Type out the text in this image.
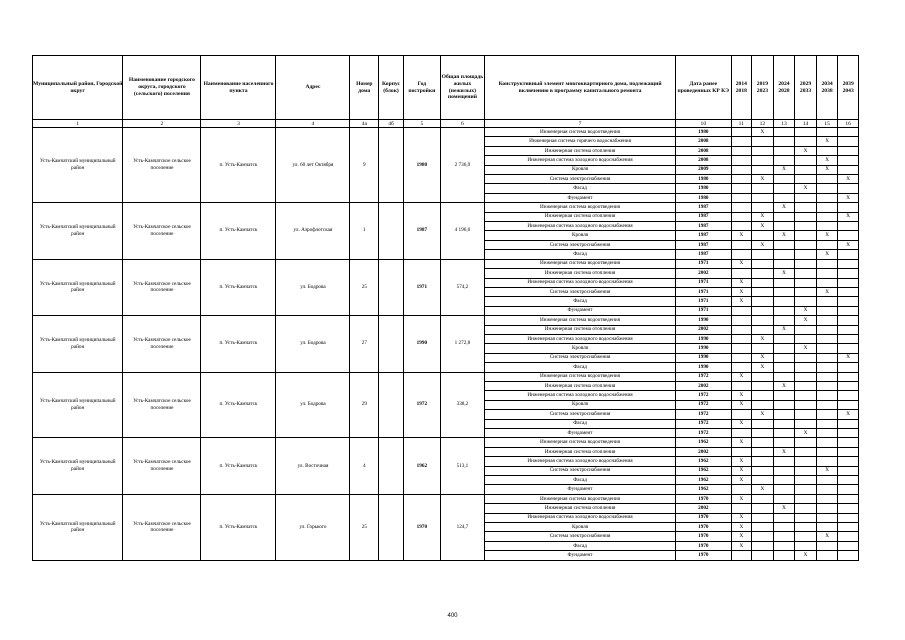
Муниципальный район, Городской округ	Наименование городского округа, городского (сельского) поселения	Наименование населенного пункта	Адрес	Номер дома	Корпус (блок)	Год постройки	Общая площадь жилых (нежилых) помещений	Конструктивный элемент многоквартирного дома, подлежащий включению в программу капитального ремонта	Дата ранее проведенных КР КЭ	2014 2018	2019 2023	2024 2028	2029 2033	2034 2038	2039 2043
1	2	3	4	4а	4б	5	6	7	10	11	12	13	14	15	16
Усть-Камчатский муниципальный район	Усть-Камчатское сельское поселение	п. Усть-Камчатск	ул. 60 лет Октября	9		1980	2 736,9	Инженерная система водоотведения	1980		X				
								Инженерная система горячего водоснабжения	2008					X	
								Инженерная система отопления	2008				X		
								Инженерная система холодного водоснабжения	2008					X	
								Кровля	2009			X		X	
								Система электроснабжения	1980		X				X
								Фасад	1980				X		
								Фундамент	1980						X
Усть-Камчатский муниципальный район	Усть-Камчатское сельское поселение	п. Усть-Камчатск	ул. Аэрофлотская	1		1987	4 196,6	Инженерная система водоотведения	1987			X			
								Инженерная система отопления	1987		X				X
								Инженерная система холодного водоснабжения	1987		X				
								Кровля	1987	X		X		X	
								Система электроснабжения	1987		X				X
								Фасад	1987					X	
Усть-Камчатский муниципальный район	Усть-Камчатское сельское поселение	п. Усть-Камчатск	ул. Бодрова	25		1971	574,2	Инженерная система водоотведения	1971	X					
								Инженерная система отопления	2002			X			
								Инженерная система холодного водоснабжения	1971	X					
								Система электроснабжения	1971	X				X	
								Фасад	1971	X					
								Фундамент	1971				X		
Усть-Камчатский муниципальный район	Усть-Камчатское сельское поселение	п. Усть-Камчатск	ул. Бодрова	27		1990	1 272,8	Инженерная система водоотведения	1990				X		
								Инженерная система отопления	2002			X			
								Инженерная система холодного водоснабжения	1990		X				
								Кровля	1990				X		
								Система электроснабжения	1990		X				X
								Фасад	1990		X				
Усть-Камчатский муниципальный район	Усть-Камчатское сельское поселение	п. Усть-Камчатск	ул. Бодрова	29		1972	338,2	Инженерная система водоотведения	1972	X					
								Инженерная система отопления	2002			X			
								Инженерная система холодного водоснабжения	1972	X					
								Кровля	1972	X					
								Система электроснабжения	1972		X				X
								Фасад	1972	X					
								Фундамент	1972				X		
Усть-Камчатский муниципальный район	Усть-Камчатское сельское поселение	п. Усть-Камчатск	ул. Восточная	4		1962	513,1	Инженерная система водоотведения	1962	X					
								Инженерная система отопления	2002			X			
								Инженерная система холодного водоснабжения	1962	X					
								Система электроснабжения	1962	X				X	
								Фасад	1962	X					
								Фундамент	1962		X				
Усть-Камчатский муниципальный район	Усть-Камчатское сельское поселение	п. Усть-Камчатск	ул. Горького	25		1970	124,7	Инженерная система водоотведения	1970	X					
								Инженерная система отопления	2002			X			
								Инженерная система холодного водоснабжения	1970	X					
								Кровля	1970	X					
								Система электроснабжения	1970	X				X	
								Фасад	1970	X					
								Фундамент	1970				X		
400
